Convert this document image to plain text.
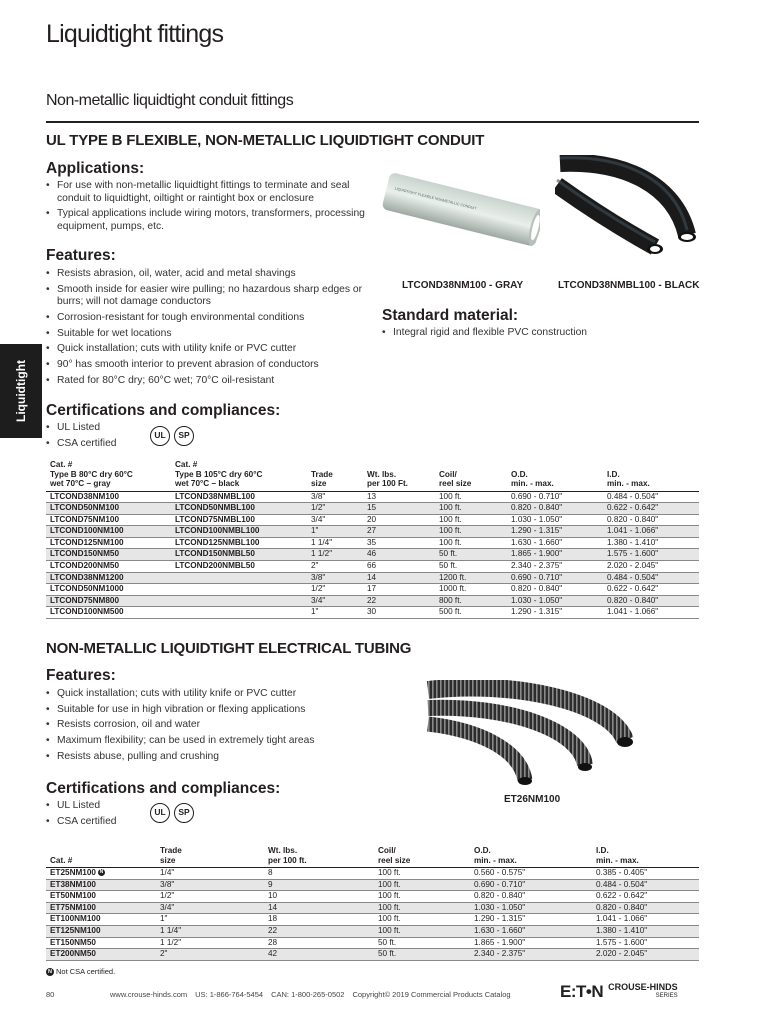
Liquidtight fittings
Non-metallic liquidtight conduit fittings
Liquidtight
UL TYPE B FLEXIBLE, NON-METALLIC LIQUIDTIGHT CONDUIT
Applications:
• For use with non-metallic liquidtight fittings to terminate and seal conduit to liquidtight, oiltight or raintight box or enclosure
• Typical applications include wiring motors, transformers, processing equipment, pumps, etc.
Features:
• Resists abrasion, oil, water, acid and metal shavings
• Smooth inside for easier wire pulling; no hazardous sharp edges or burrs; will not damage conductors
• Corrosion-resistant for tough environmental conditions
• Suitable for wet locations
• Quick installation; cuts with utility knife or PVC cutter
• 90° has smooth interior to prevent abrasion of conductors
• Rated for 80°C dry; 60°C wet; 70°C oil-resistant
Certifications and compliances:
• UL Listed
• CSA certified
UL	SP
LIQUIDTIGHT FLEXIBLE NONMETALLIC CONDUIT
LTCOND38NM100 - GRAY	LTCOND38NMBL100 - BLACK
Standard material:
• Integral rigid and flexible PVC construction
Cat. #
Type B 80°C dry 60°C
wet 70°C – gray	Cat. #
Type B 105°C dry 60°C
wet 70°C – black	Trade
size	Wt. lbs.
per 100 Ft.	Coil/
reel size	O.D.
min. - max.	I.D.
min. - max.
LTCOND38NM100	LTCOND38NMBL100	3/8"	13	100 ft.	0.690 - 0.710"	0.484 - 0.504"
LTCOND50NM100	LTCOND50NMBL100	1/2"	15	100 ft.	0.820 - 0.840"	0.622 - 0.642"
LTCOND75NM100	LTCOND75NMBL100	3/4"	20	100 ft.	1.030 - 1.050"	0.820 - 0.840"
LTCOND100NM100	LTCOND100NMBL100	1"	27	100 ft.	1.290 - 1.315"	1.041 - 1.066"
LTCOND125NM100	LTCOND125NMBL100	1 1/4"	35	100 ft.	1.630 - 1.660"	1.380 - 1.410"
LTCOND150NM50	LTCOND150NMBL50	1 1/2"	46	50 ft.	1.865 - 1.900"	1.575 - 1.600"
LTCOND200NM50	LTCOND200NMBL50	2"	66	50 ft.	2.340 - 2.375"	2.020 - 2.045"
LTCOND38NM1200		3/8"	14	1200 ft.	0.690 - 0.710"	0.484 - 0.504"
LTCOND50NM1000		1/2"	17	1000 ft.	0.820 - 0.840"	0.622 - 0.642"
LTCOND75NM800		3/4"	22	800 ft.	1.030 - 1.050"	0.820 - 0.840"
LTCOND100NM500		1"	30	500 ft.	1.290 - 1.315"	1.041 - 1.066"
NON-METALLIC LIQUIDTIGHT ELECTRICAL TUBING
Features:
• Quick installation; cuts with utility knife or PVC cutter
• Suitable for use in high vibration or flexing applications
• Resists corrosion, oil and water
• Maximum flexibility; can be used in extremely tight areas
• Resists abuse, pulling and crushing
Certifications and compliances:
• UL Listed
• CSA certified
UL	SP
ET26NM100
Cat. #	Trade
size	Wt. lbs.
per 100 ft.	Coil/
reel size	O.D.
min. - max.	I.D.
min. - max.
ET25NM100 N	1/4"	8	100 ft.	0.560 - 0.575"	0.385 - 0.405"
ET38NM100	3/8"	9	100 ft.	0.690 - 0.710"	0.484 - 0.504"
ET50NM100	1/2"	10	100 ft.	0.820 - 0.840"	0.622 - 0.642"
ET75NM100	3/4"	14	100 ft.	1.030 - 1.050"	0.820 - 0.840"
ET100NM100	1"	18	100 ft.	1.290 - 1.315"	1.041 - 1.066"
ET125NM100	1 1/4"	22	100 ft.	1.630 - 1.660"	1.380 - 1.410"
ET150NM50	1 1/2"	28	50 ft.	1.865 - 1.900"	1.575 - 1.600"
ET200NM50	2"	42	50 ft.	2.340 - 2.375"	2.020 - 2.045"
N Not CSA certified.
80	www.crouse-hinds.com US: 1-866-764-5454 CAN: 1-800-265-0502 Copyright© 2019 Commercial Products Catalog	E:T•N CROUSE-HINDS
SERIES
